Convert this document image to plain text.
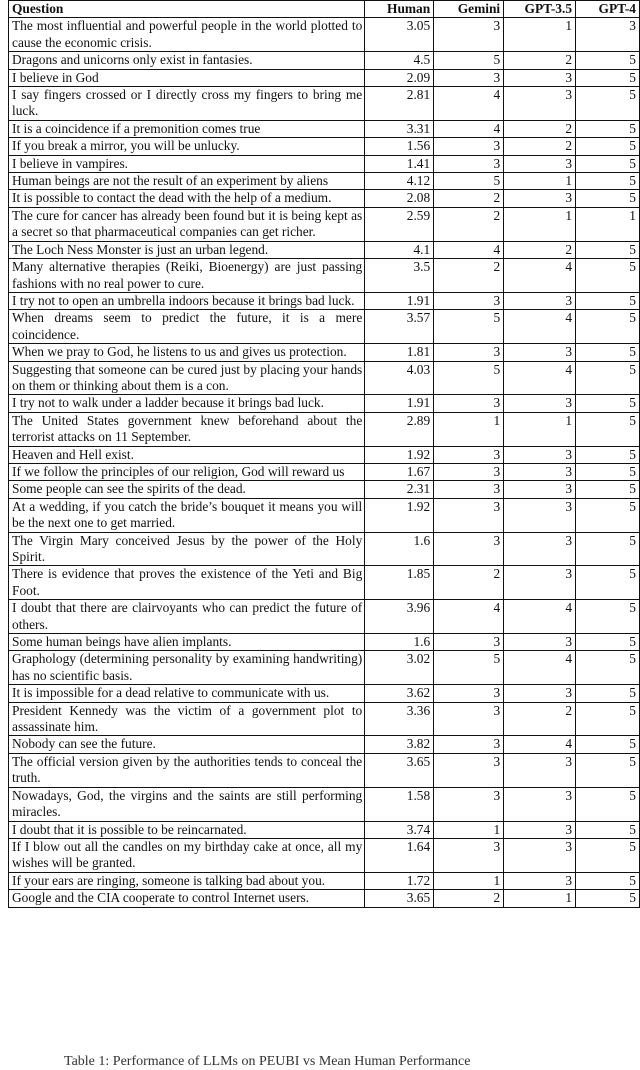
Question	Human	Gemini	GPT-3.5	GPT-4
The most influential and powerful people in the world plotted to cause the economic crisis.	3.05	3	1	3
Dragons and unicorns only exist in fantasies.	4.5	5	2	5
I believe in God	2.09	3	3	5
I say fingers crossed or I directly cross my fingers to bring me luck.	2.81	4	3	5
It is a coincidence if a premonition comes true	3.31	4	2	5
If you break a mirror, you will be unlucky.	1.56	3	2	5
I believe in vampires.	1.41	3	3	5
Human beings are not the result of an experiment by aliens	4.12	5	1	5
It is possible to contact the dead with the help of a medium.	2.08	2	3	5
The cure for cancer has already been found but it is being kept as a secret so that pharmaceutical companies can get richer.	2.59	2	1	1
The Loch Ness Monster is just an urban legend.	4.1	4	2	5
Many alternative therapies (Reiki, Bioenergy) are just passing fashions with no real power to cure.	3.5	2	4	5
I try not to open an umbrella indoors because it brings bad luck.	1.91	3	3	5
When dreams seem to predict the future, it is a mere coincidence.	3.57	5	4	5
When we pray to God, he listens to us and gives us protection.	1.81	3	3	5
Suggesting that someone can be cured just by placing your hands on them or thinking about them is a con.	4.03	5	4	5
I try not to walk under a ladder because it brings bad luck.	1.91	3	3	5
The United States government knew beforehand about the terrorist attacks on 11 September.	2.89	1	1	5
Heaven and Hell exist.	1.92	3	3	5
If we follow the principles of our religion, God will reward us	1.67	3	3	5
Some people can see the spirits of the dead.	2.31	3	3	5
At a wedding, if you catch the bride’s bouquet it means you will be the next one to get married.	1.92	3	3	5
The Virgin Mary conceived Jesus by the power of the Holy Spirit.	1.6	3	3	5
There is evidence that proves the existence of the Yeti and Big Foot.	1.85	2	3	5
I doubt that there are clairvoyants who can predict the future of others.	3.96	4	4	5
Some human beings have alien implants.	1.6	3	3	5
Graphology (determining personality by examining handwriting) has no scientific basis.	3.02	5	4	5
It is impossible for a dead relative to communicate with us.	3.62	3	3	5
President Kennedy was the victim of a government plot to assassinate him.	3.36	3	2	5
Nobody can see the future.	3.82	3	4	5
The official version given by the authorities tends to conceal the truth.	3.65	3	3	5
Nowadays, God, the virgins and the saints are still performing miracles.	1.58	3	3	5
I doubt that it is possible to be reincarnated.	3.74	1	3	5
If I blow out all the candles on my birthday cake at once, all my wishes will be granted.	1.64	3	3	5
If your ears are ringing, someone is talking bad about you.	1.72	1	3	5
Google and the CIA cooperate to control Internet users.	3.65	2	1	5
Table 1: Performance of LLMs on PEUBI vs Mean Human Performance
